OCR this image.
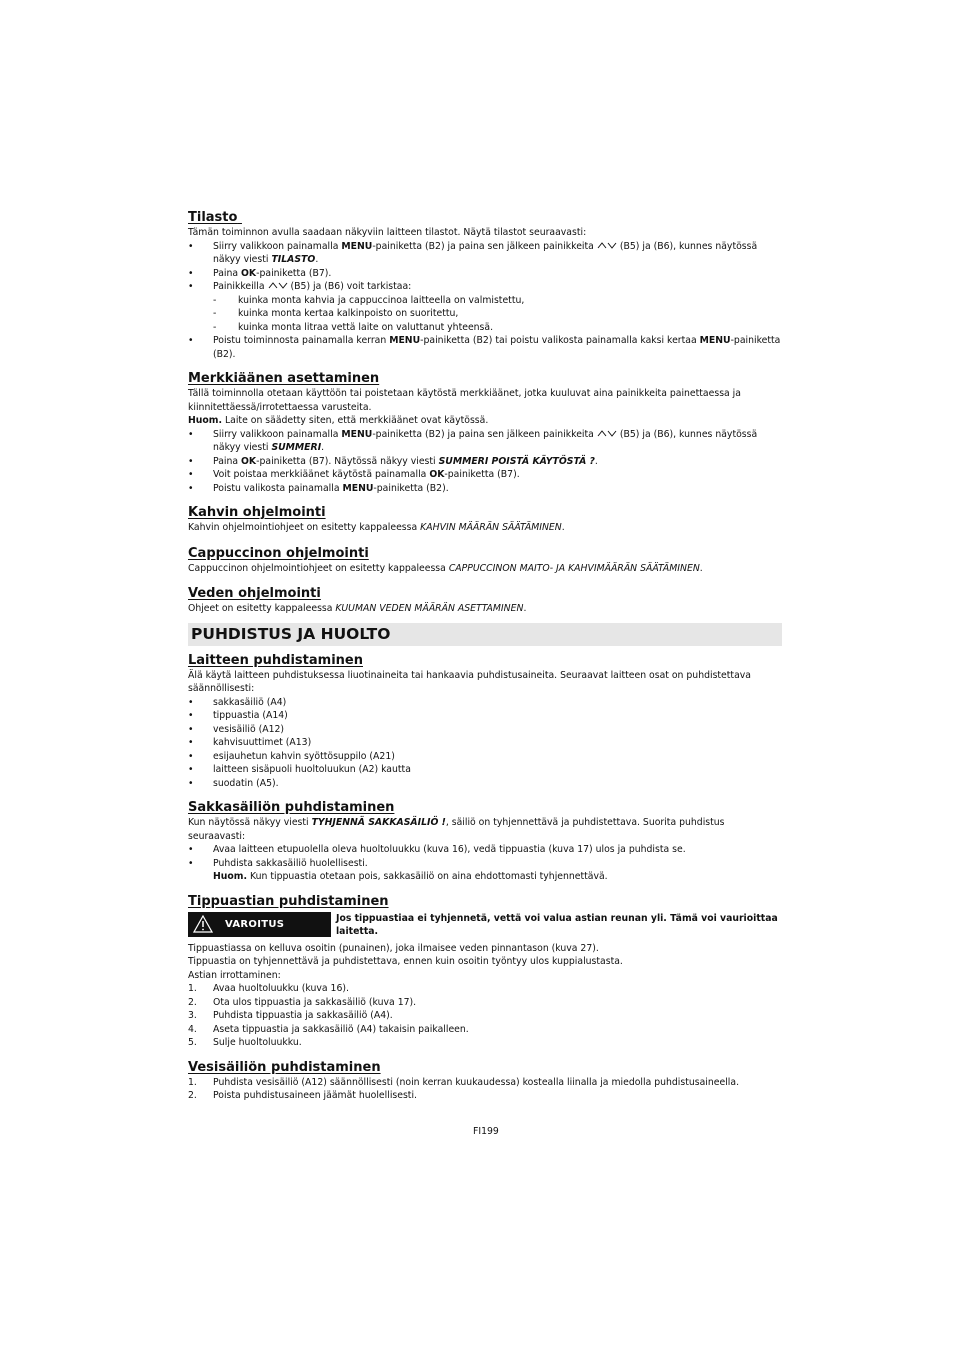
Tilasto

Tämän toiminnon avulla saadaan näkyviin laitteen tilastot. Näytä tilastot seuraavasti:

• Siirry valikkoon painamalla MENU-painiketta (B2) ja paina sen jälkeen painikkeita	(B5) ja (B6), kunnes näytössä näkyy viesti TILASTO.
• Paina OK-painiketta (B7).
• Painikkeilla	(B5) ja (B6) voit tarkistaa:
- kuinka monta kahvia ja cappuccinoa laitteella on valmistettu,
- kuinka monta kertaa kalkinpoisto on suoritettu,
- kuinka monta litraa vettä laite on valuttanut yhteensä.
• Poistu toiminnosta painamalla kerran MENU-painiketta (B2) tai poistu valikosta painamalla kaksi kertaa MENU-painiketta (B2).
Merkkiäänen asettaminen

Tällä toiminnolla otetaan käyttöön tai poistetaan käytöstä merkkiäänet, jotka kuuluvat aina painikkeita painettaessa ja kiinnitettäessä/irrotettaessa varusteita.

Huom. Laite on säädetty siten, että merkkiäänet ovat käytössä.

• Siirry valikkoon painamalla MENU-painiketta (B2) ja paina sen jälkeen painikkeita	(B5) ja (B6), kunnes näytössä näkyy viesti SUMMERI.
• Paina OK-painiketta (B7). Näytössä näkyy viesti SUMMERI POISTÄ KÄYTÖSTÄ ?.
• Voit poistaa merkkiäänet käytöstä painamalla OK-painiketta (B7).
• Poistu valikosta painamalla MENU-painiketta (B2).
Kahvin ohjelmointi

Kahvin ohjelmointiohjeet on esitetty kappaleessa KAHVIN MÄÄRÄN SÄÄTÄMINEN.

Cappuccinon ohjelmointi

Cappuccinon ohjelmointiohjeet on esitetty kappaleessa CAPPUCCINON MAITO- JA KAHVIMÄÄRÄN SÄÄTÄMINEN.

Veden ohjelmointi

Ohjeet on esitetty kappaleessa KUUMAN VEDEN MÄÄRÄN ASETTAMINEN.

PUHDISTUS JA HUOLTO
Laitteen puhdistaminen

Älä käytä laitteen puhdistuksessa liuotinaineita tai hankaavia puhdistusaineita. Seuraavat laitteen osat on puhdistettava säännöllisesti:

• sakkasäiliö (A4)
• tippuastia (A14)
• vesisäiliö (A12)
• kahvisuuttimet (A13)
• esijauhetun kahvin syöttösuppilo (A21)
• laitteen sisäpuoli huoltoluukun (A2) kautta
• suodatin (A5).
Sakkasäiliön puhdistaminen

Kun näytössä näkyy viesti TYHJENNÄ SAKKASÄILIÖ !, säiliö on tyhjennettävä ja puhdistettava. Suorita puhdistus seuraavasti:

• Avaa laitteen etupuolella oleva huoltoluukku (kuva 16), vedä tippuastia (kuva 17) ulos ja puhdista se.
• Puhdista sakkasäiliö huolellisesti.
Huom. Kun tippuastia otetaan pois, sakkasäiliö on aina ehdottomasti tyhjennettävä.
Tippuastian puhdistaminen
VAROITUS
Jos tippuastiaa ei tyhjennetä, vettä voi valua astian reunan yli. Tämä voi vaurioittaa laitetta.

Tippuastiassa on kelluva osoitin (punainen), joka ilmaisee veden pinnantason (kuva 27).

Tippuastia on tyhjennettävä ja puhdistettava, ennen kuin osoitin työntyy ulos kuppialustasta.

Astian irrottaminen:

1. Avaa huoltoluukku (kuva 16).
2. Ota ulos tippuastia ja sakkasäiliö (kuva 17).
3. Puhdista tippuastia ja sakkasäiliö (A4).
4. Aseta tippuastia ja sakkasäiliö (A4) takaisin paikalleen.
5. Sulje huoltoluukku.
Vesisäiliön puhdistaminen
1. Puhdista vesisäiliö (A12) säännöllisesti (noin kerran kuukaudessa) kostealla liinalla ja miedolla puhdistusaineella.
2. Poista puhdistusaineen jäämät huolellisesti.
FI199
